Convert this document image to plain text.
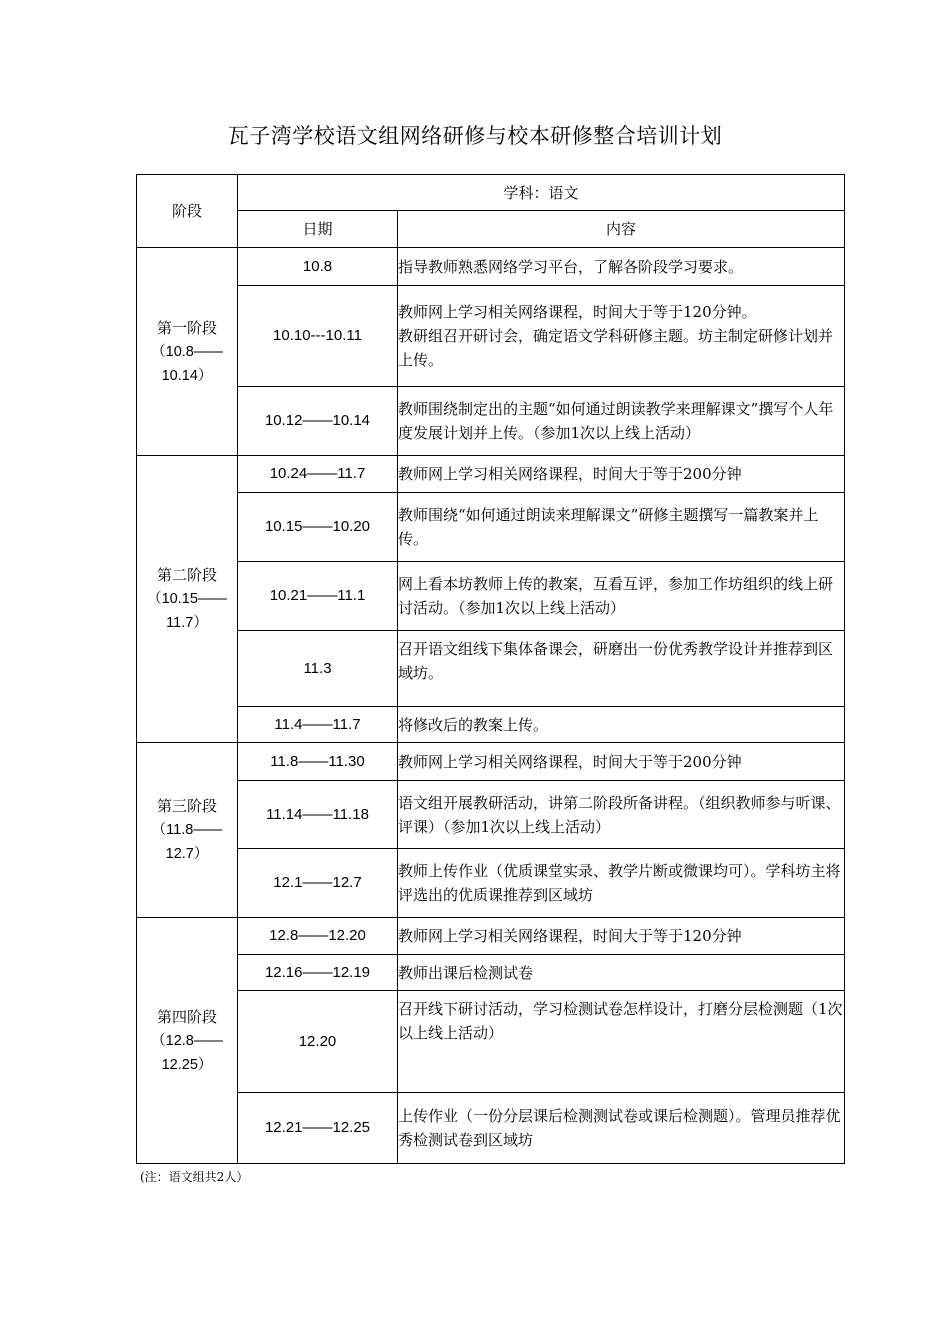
瓦子湾学校语文组网络研修与校本研修整合培训计划
阶段	学科：语文	
	日期	内容

第一阶段
（10.8——10.14）	10.8	指导教师熟悉网络学习平台，了解各阶段学习要求。
	10.10---10.11	教师网上学习相关网络课程，时间大于等于120分钟。
教研组召开研讨会，确定语文学科研修主题。坊主制定研修计划并上传。
	10.12——10.14	教师围绕制定出的主题“如何通过朗读教学来理解课文”撰写个人年度发展计划并上传。（参加1次以上线上活动）

第二阶段
（10.15——11.7）	10.24——11.7	教师网上学习相关网络课程，时间大于等于200分钟
	10.15——10.20	教师围绕“如何通过朗读来理解课文”研修主题撰写一篇教案并上传。
	10.21——11.1	网上看本坊教师上传的教案，互看互评，参加工作坊组织的线上研讨活动。（参加1次以上线上活动）
	11.3	召开语文组线下集体备课会，研磨出一份优秀教学设计并推荐到区域坊。
	11.4——11.7	将修改后的教案上传。

第三阶段
（11.8——12.7）	11.8——11.30	教师网上学习相关网络课程，时间大于等于200分钟
	11.14——11.18	语文组开展教研活动，讲第二阶段所备讲程。（组织教师参与听课、评课）（参加1次以上线上活动）
	12.1——12.7	教师上传作业（优质课堂实录、教学片断或微课均可）。学科坊主将评选出的优质课推荐到区域坊

第四阶段
（12.8——12.25）	12.8——12.20	教师网上学习相关网络课程，时间大于等于120分钟
	12.16——12.19	教师出课后检测试卷
	12.20	召开线下研讨活动，学习检测试卷怎样设计，打磨分层检测题（1次以上线上活动）
	12.21——12.25	上传作业（一份分层课后检测测试卷或课后检测题）。管理员推荐优秀检测试卷到区域坊
(注：语文组共2人）
